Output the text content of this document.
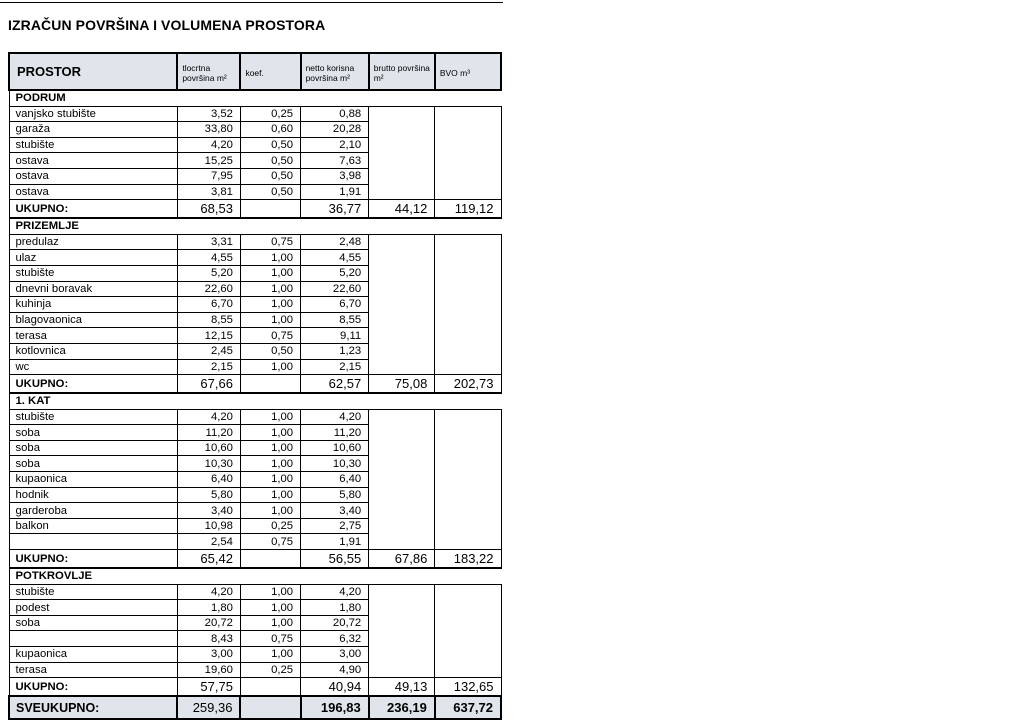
IZRAČUN POVRŠINA I VOLUMENA PROSTORA
PROSTOR	tlocrtna površina m²	koef.	netto korisna površina m²	brutto površina m²	BVO m³
PODRUM					
vanjsko stubište	3,52	0,25	0,88		
garaža	33,80	0,60	20,28		
stubište	4,20	0,50	2,10		
ostava	15,25	0,50	7,63		
ostava	7,95	0,50	3,98		
ostava	3,81	0,50	1,91		
UKUPNO:	68,53		36,77	44,12	119,12
PRIZEMLJE					
predulaz	3,31	0,75	2,48		
ulaz	4,55	1,00	4,55		
stubište	5,20	1,00	5,20		
dnevni boravak	22,60	1,00	22,60		
kuhinja	6,70	1,00	6,70		
blagovaonica	8,55	1,00	8,55		
terasa	12,15	0,75	9,11		
kotlovnica	2,45	0,50	1,23		
wc	2,15	1,00	2,15		
UKUPNO:	67,66		62,57	75,08	202,73
1. KAT					
stubište	4,20	1,00	4,20		
soba	11,20	1,00	11,20		
soba	10,60	1,00	10,60		
soba	10,30	1,00	10,30		
kupaonica	6,40	1,00	6,40		
hodnik	5,80	1,00	5,80		
garderoba	3,40	1,00	3,40		
balkon	10,98	0,25	2,75		
	2,54	0,75	1,91		
UKUPNO:	65,42		56,55	67,86	183,22
POTKROVLJE					
stubište	4,20	1,00	4,20		
podest	1,80	1,00	1,80		
soba	20,72	1,00	20,72		
	8,43	0,75	6,32		
kupaonica	3,00	1,00	3,00		
terasa	19,60	0,25	4,90		
UKUPNO:	57,75		40,94	49,13	132,65
SVEUKUPNO:	259,36		196,83	236,19	637,72
